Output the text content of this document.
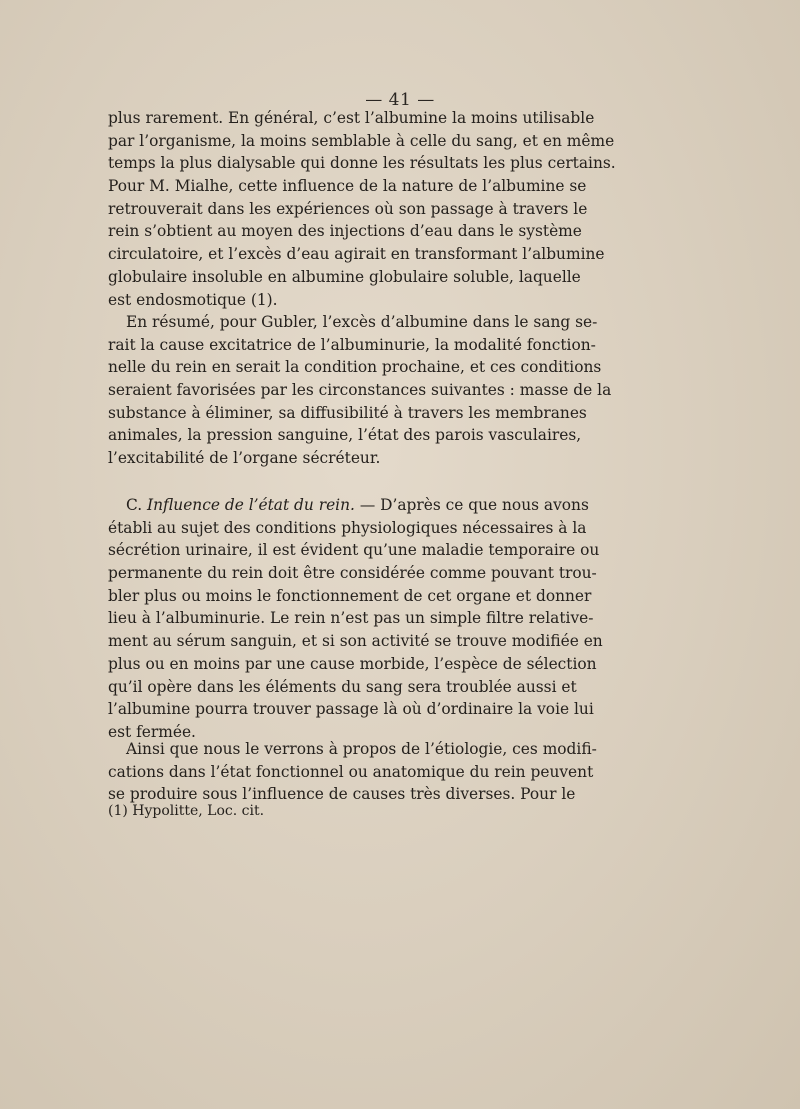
— 41 —
plus rarement. En général, c’est l’albumine la moins utilisable
par l’organisme, la moins semblable à celle du sang, et en même
temps la plus dialysable qui donne les résultats les plus certains.
Pour M. Mialhe, cette influence de la nature de l’albumine se
retrouverait dans les expériences où son passage à travers le
rein s’obtient au moyen des injections d’eau dans le système
circulatoire, et l’excès d’eau agirait en transformant l’albumine
globulaire insoluble en albumine globulaire soluble, laquelle
est endosmotique (1).
En résumé, pour Gubler, l’excès d’albumine dans le sang se-
rait la cause excitatrice de l’albuminurie, la modalité fonction-
nelle du rein en serait la condition prochaine, et ces conditions
seraient favorisées par les circonstances suivantes : masse de la
substance à éliminer, sa diffusibilité à travers les membranes
animales, la pression sanguine, l’état des parois vasculaires,
l’excitabilité de l’organe sécréteur.
C. Influence de l’état du rein. — D’après ce que nous avons
établi au sujet des conditions physiologiques nécessaires à la
sécrétion urinaire, il est évident qu’une maladie temporaire ou
permanente du rein doit être considérée comme pouvant trou-
bler plus ou moins le fonctionnement de cet organe et donner
lieu à l’albuminurie. Le rein n’est pas un simple filtre relative-
ment au sérum sanguin, et si son activité se trouve modifiée en
plus ou en moins par une cause morbide, l’espèce de sélection
qu’il opère dans les éléments du sang sera troublée aussi et
l’albumine pourra trouver passage là où d’ordinaire la voie lui
est fermée.
Ainsi que nous le verrons à propos de l’étiologie, ces modifi-
cations dans l’état fonctionnel ou anatomique du rein peuvent
se produire sous l’influence de causes très diverses. Pour le
(1) Hypolitte, Loc. cit.
